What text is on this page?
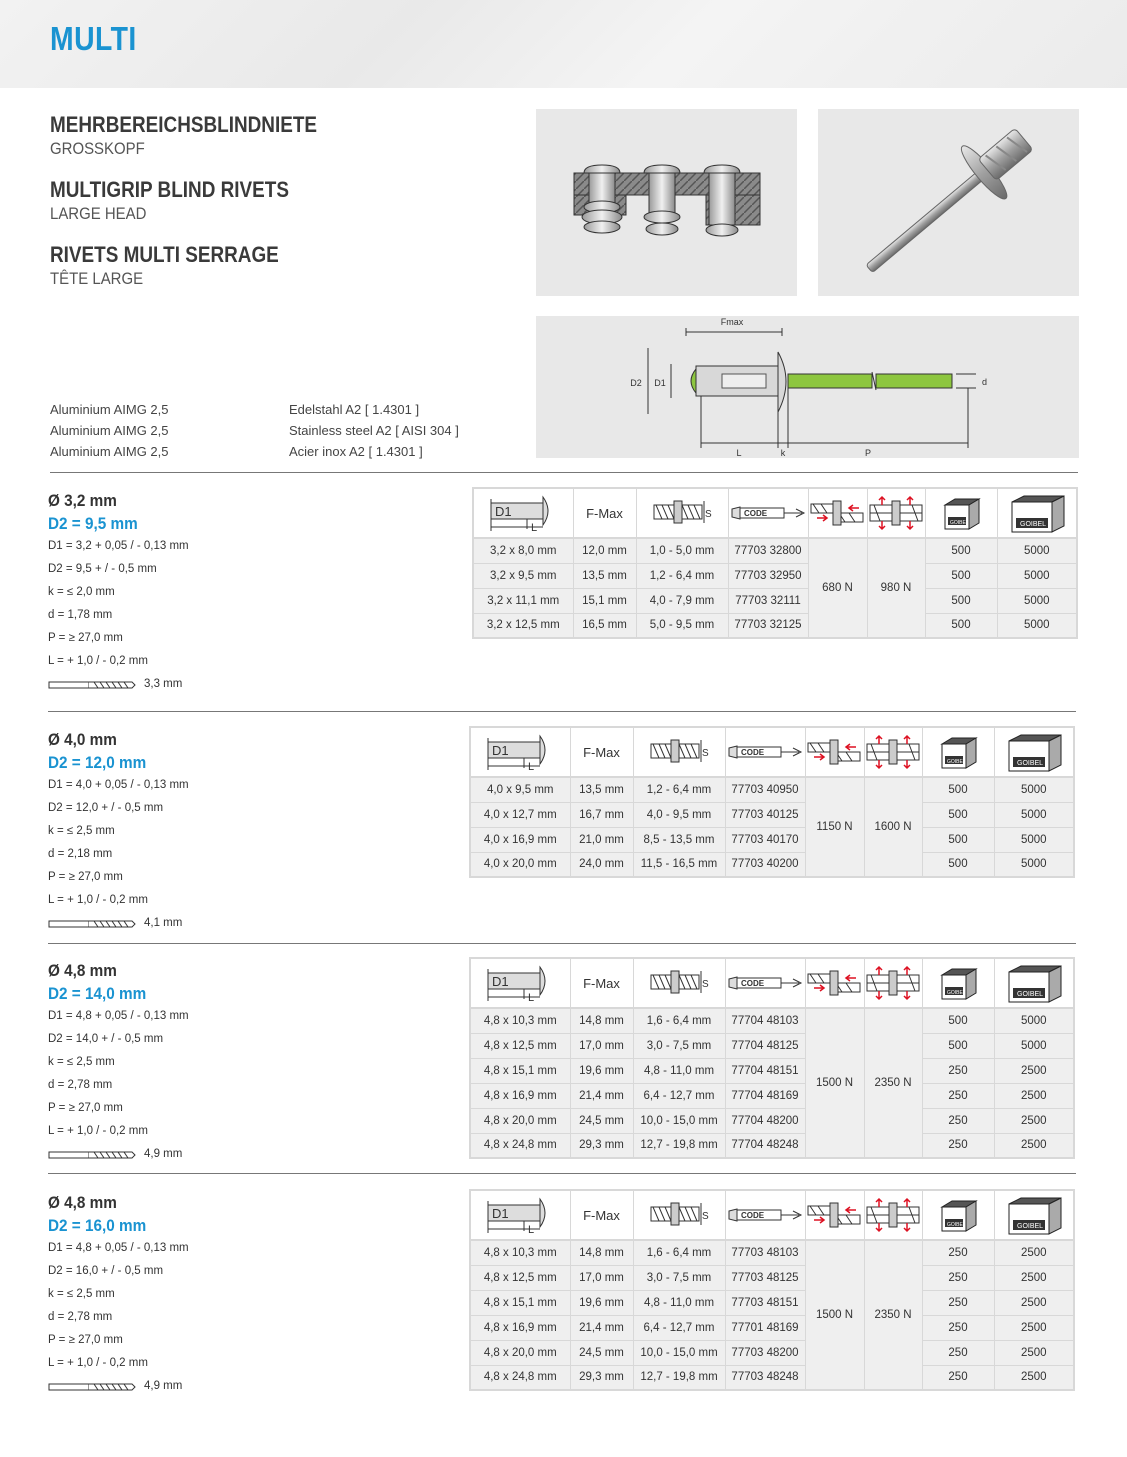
MULTI
MEHRBEREICHSBLINDNIETE
GROSSKOPF
MULTIGRIP BLIND RIVETS
LARGE HEAD
RIVETS MULTI SERRAGE
TÊTE LARGE
Fmax
D2 D1	d
L	k	P
Aluminium AIMG 2,5
Aluminium AIMG 2,5
Aluminium AIMG 2,5
Edelstahl A2 [ 1.4301 ]
Stainless steel A2 [ AISI 304 ]
Acier inox A2 [ 1.4301 ]
Ø 3,2 mm
D2 = 9,5 mm
D1 = 3,2 + 0,05 / - 0,13 mm
D2 = 9,5 + / - 0,5 mm
k = ≤ 2,0 mm
d = 1,78 mm
P = ≥ 27,0 mm
L = + 1,0 / - 0,2 mm
3,3 mm
D1
L	F-Max	S	CODE			GOIBEL	GOIBEL

3,2 x 8,0 mm	12,0 mm	1,0 - 5,0 mm	77703 32800	680 N	980 N	500	5000
3,2 x 9,5 mm	13,5 mm	1,2 - 6,4 mm	77703 32950			500	5000
3,2 x 11,1 mm	15,1 mm	4,0 - 7,9 mm	77703 32111			500	5000
3,2 x 12,5 mm	16,5 mm	5,0 - 9,5 mm	77703 32125			500	5000
Ø 4,0 mm
D2 = 12,0 mm
D1 = 4,0 + 0,05 / - 0,13 mm
D2 = 12,0 + / - 0,5 mm
k = ≤ 2,5 mm
d = 2,18 mm
P = ≥ 27,0 mm
L = + 1,0 / - 0,2 mm
4,1 mm
D1
L	F-Max	S	CODE			GOIBEL	GOIBEL

4,0 x 9,5 mm	13,5 mm	1,2 - 6,4 mm	77703 40950	1150 N	1600 N	500	5000
4,0 x 12,7 mm	16,7 mm	4,0 - 9,5 mm	77703 40125			500	5000
4,0 x 16,9 mm	21,0 mm	8,5 - 13,5 mm	77703 40170			500	5000
4,0 x 20,0 mm	24,0 mm	11,5 - 16,5 mm	77703 40200			500	5000
Ø 4,8 mm
D2 = 14,0 mm
D1 = 4,8 + 0,05 / - 0,13 mm
D2 = 14,0 + / - 0,5 mm
k = ≤ 2,5 mm
d = 2,78 mm
P = ≥ 27,0 mm
L = + 1,0 / - 0,2 mm
4,9 mm
D1
L	F-Max	S	CODE			GOIBEL	GOIBEL

4,8 x 10,3 mm	14,8 mm	1,6 - 6,4 mm	77704 48103	1500 N	2350 N	500	5000
4,8 x 12,5 mm	17,0 mm	3,0 - 7,5 mm	77704 48125			500	5000
4,8 x 15,1 mm	19,6 mm	4,8 - 11,0 mm	77704 48151			250	2500
4,8 x 16,9 mm	21,4 mm	6,4 - 12,7 mm	77704 48169			250	2500
4,8 x 20,0 mm	24,5 mm	10,0 - 15,0 mm	77704 48200			250	2500
4,8 x 24,8 mm	29,3 mm	12,7 - 19,8 mm	77704 48248			250	2500
Ø 4,8 mm
D2 = 16,0 mm
D1 = 4,8 + 0,05 / - 0,13 mm
D2 = 16,0 + / - 0,5 mm
k = ≤ 2,5 mm
d = 2,78 mm
P = ≥ 27,0 mm
L = + 1,0 / - 0,2 mm
4,9 mm
D1
L	F-Max	S	CODE			GOIBEL	GOIBEL

4,8 x 10,3 mm	14,8 mm	1,6 - 6,4 mm	77703 48103	1500 N	2350 N	250	2500
4,8 x 12,5 mm	17,0 mm	3,0 - 7,5 mm	77703 48125			250	2500
4,8 x 15,1 mm	19,6 mm	4,8 - 11,0 mm	77703 48151			250	2500
4,8 x 16,9 mm	21,4 mm	6,4 - 12,7 mm	77701 48169			250	2500
4,8 x 20,0 mm	24,5 mm	10,0 - 15,0 mm	77703 48200			250	2500
4,8 x 24,8 mm	29,3 mm	12,7 - 19,8 mm	77703 48248			250	2500
